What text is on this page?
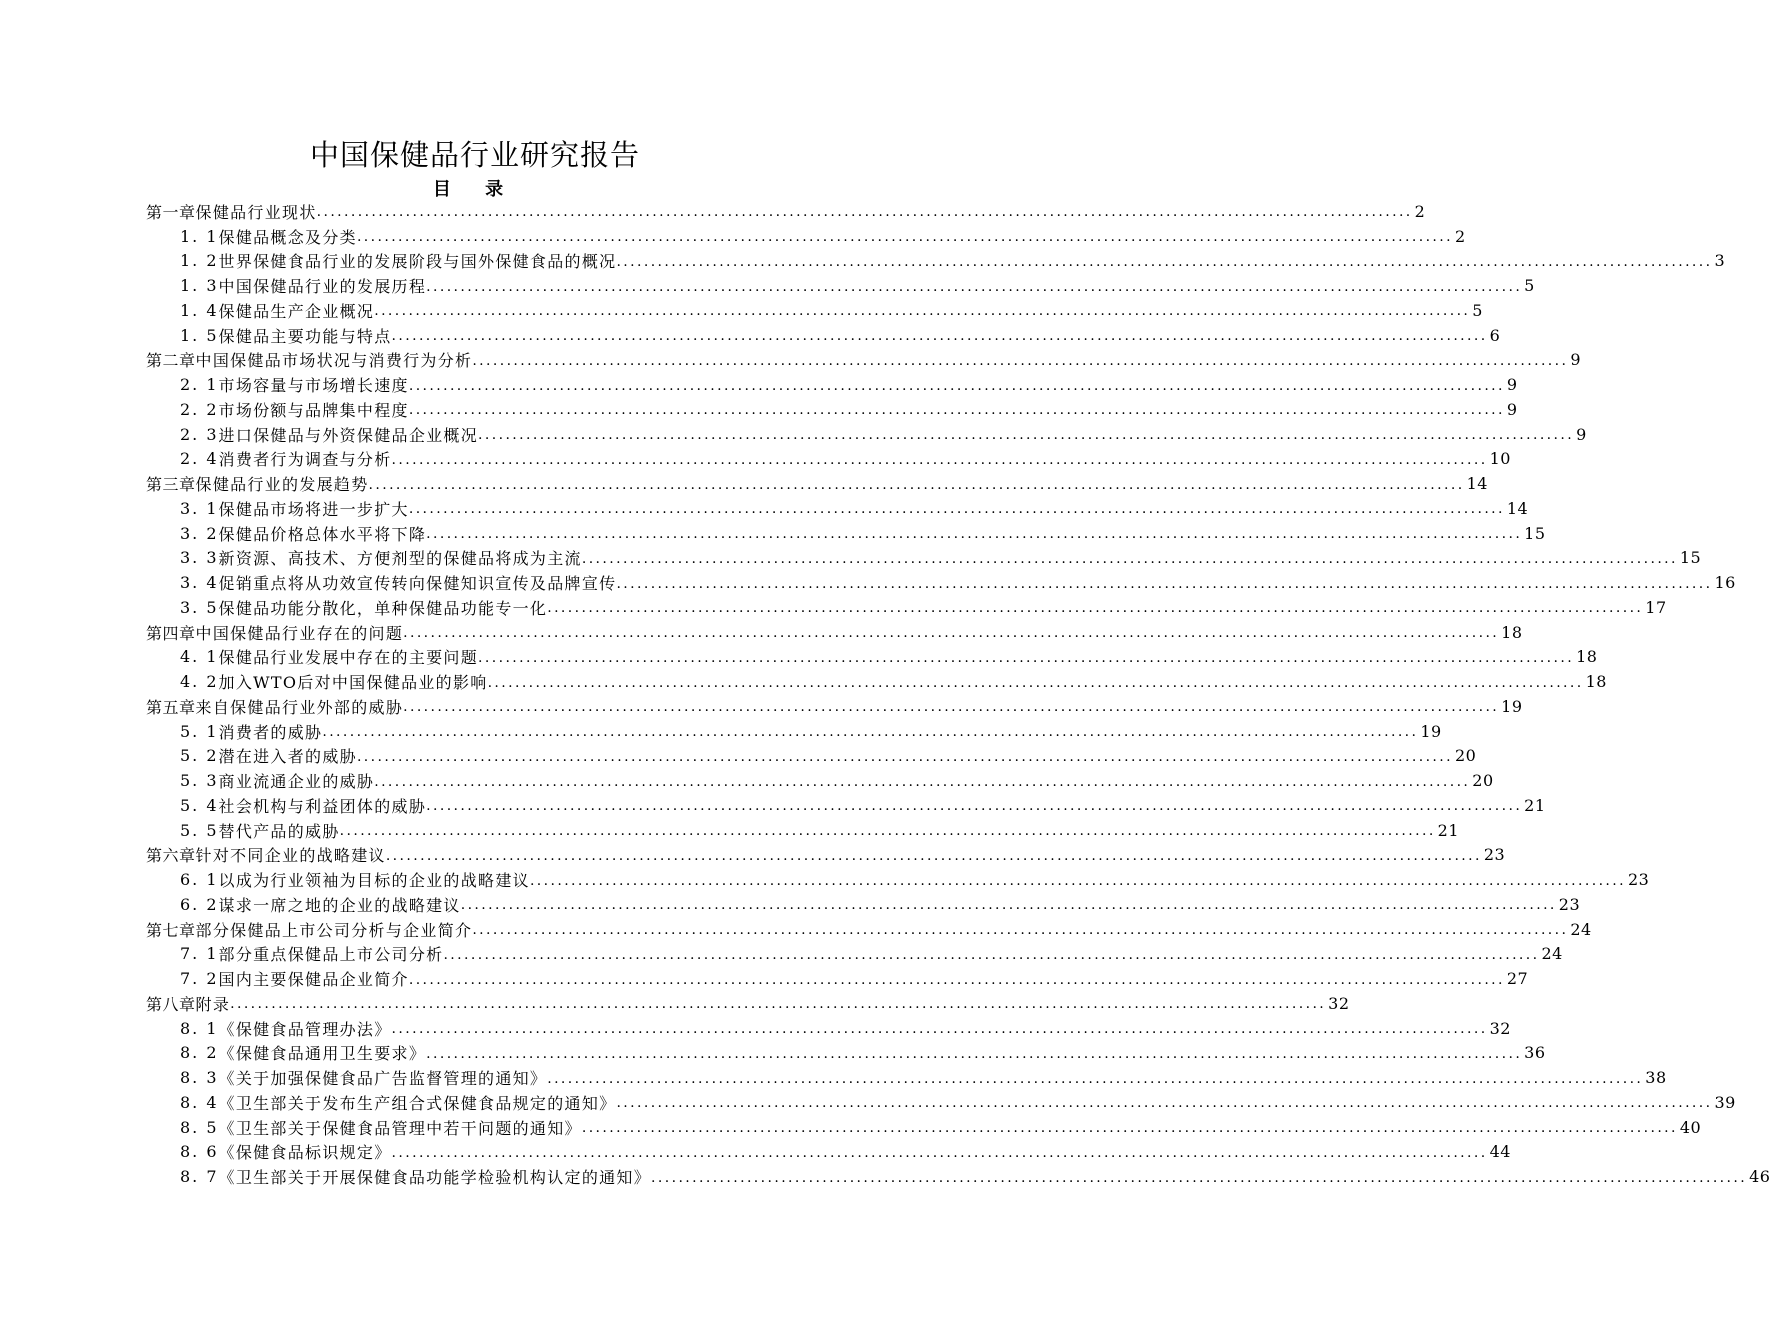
中国保健品行业研究报告
目 录
第一章 保健品行业现状 ................................................................................................................................................................ 2
1. 1 保健品概念及分类 ................................................................................................................................................................ 2
1. 2 世界保健食品行业的发展阶段与国外保健食品的概况 ................................................................................................................................................................ 3
1. 3 中国保健品行业的发展历程 ................................................................................................................................................................ 5
1. 4 保健品生产企业概况 ................................................................................................................................................................ 5
1. 5 保健品主要功能与特点 ................................................................................................................................................................ 6
第二章 中国保健品市场状况与消费行为分析 ................................................................................................................................................................ 9
2. 1 市场容量与市场增长速度 ................................................................................................................................................................ 9
2. 2 市场份额与品牌集中程度 ................................................................................................................................................................ 9
2. 3 进口保健品与外资保健品企业概况 ................................................................................................................................................................ 9
2. 4 消费者行为调查与分析 ................................................................................................................................................................ 10
第三章 保健品行业的发展趋势 ................................................................................................................................................................ 14
3. 1 保健品市场将进一步扩大 ................................................................................................................................................................ 14
3. 2 保健品价格总体水平将下降 ................................................................................................................................................................ 15
3. 3 新资源、高技术、方便剂型的保健品将成为主流 ................................................................................................................................................................ 15
3. 4 促销重点将从功效宣传转向保健知识宣传及品牌宣传 ................................................................................................................................................................ 16
3. 5 保健品功能分散化，单种保健品功能专一化 ................................................................................................................................................................ 17
第四章 中国保健品行业存在的问题 ................................................................................................................................................................ 18
4. 1 保健品行业发展中存在的主要问题 ................................................................................................................................................................ 18
4. 2 加入WTO后对中国保健品业的影响 ................................................................................................................................................................ 18
第五章 来自保健品行业外部的威胁 ................................................................................................................................................................ 19
5. 1 消费者的威胁 ................................................................................................................................................................ 19
5. 2 潜在进入者的威胁 ................................................................................................................................................................ 20
5. 3 商业流通企业的威胁 ................................................................................................................................................................ 20
5. 4 社会机构与利益团体的威胁 ................................................................................................................................................................ 21
5. 5 替代产品的威胁 ................................................................................................................................................................ 21
第六章 针对不同企业的战略建议 ................................................................................................................................................................ 23
6. 1 以成为行业领袖为目标的企业的战略建议 ................................................................................................................................................................ 23
6. 2 谋求一席之地的企业的战略建议 ................................................................................................................................................................ 23
第七章 部分保健品上市公司分析与企业简介 ................................................................................................................................................................ 24
7. 1 部分重点保健品上市公司分析 ................................................................................................................................................................ 24
7. 2 国内主要保健品企业简介 ................................................................................................................................................................ 27
第八章 附录 ................................................................................................................................................................ 32
8. 1 《保健食品管理办法》 ................................................................................................................................................................ 32
8. 2 《保健食品通用卫生要求》 ................................................................................................................................................................ 36
8. 3 《关于加强保健食品广告监督管理的通知》 ................................................................................................................................................................ 38
8. 4 《卫生部关于发布生产组合式保健食品规定的通知》 ................................................................................................................................................................ 39
8. 5 《卫生部关于保健食品管理中若干问题的通知》 ................................................................................................................................................................ 40
8. 6 《保健食品标识规定》 ................................................................................................................................................................ 44
8. 7 《卫生部关于开展保健食品功能学检验机构认定的通知》 ................................................................................................................................................................ 46
